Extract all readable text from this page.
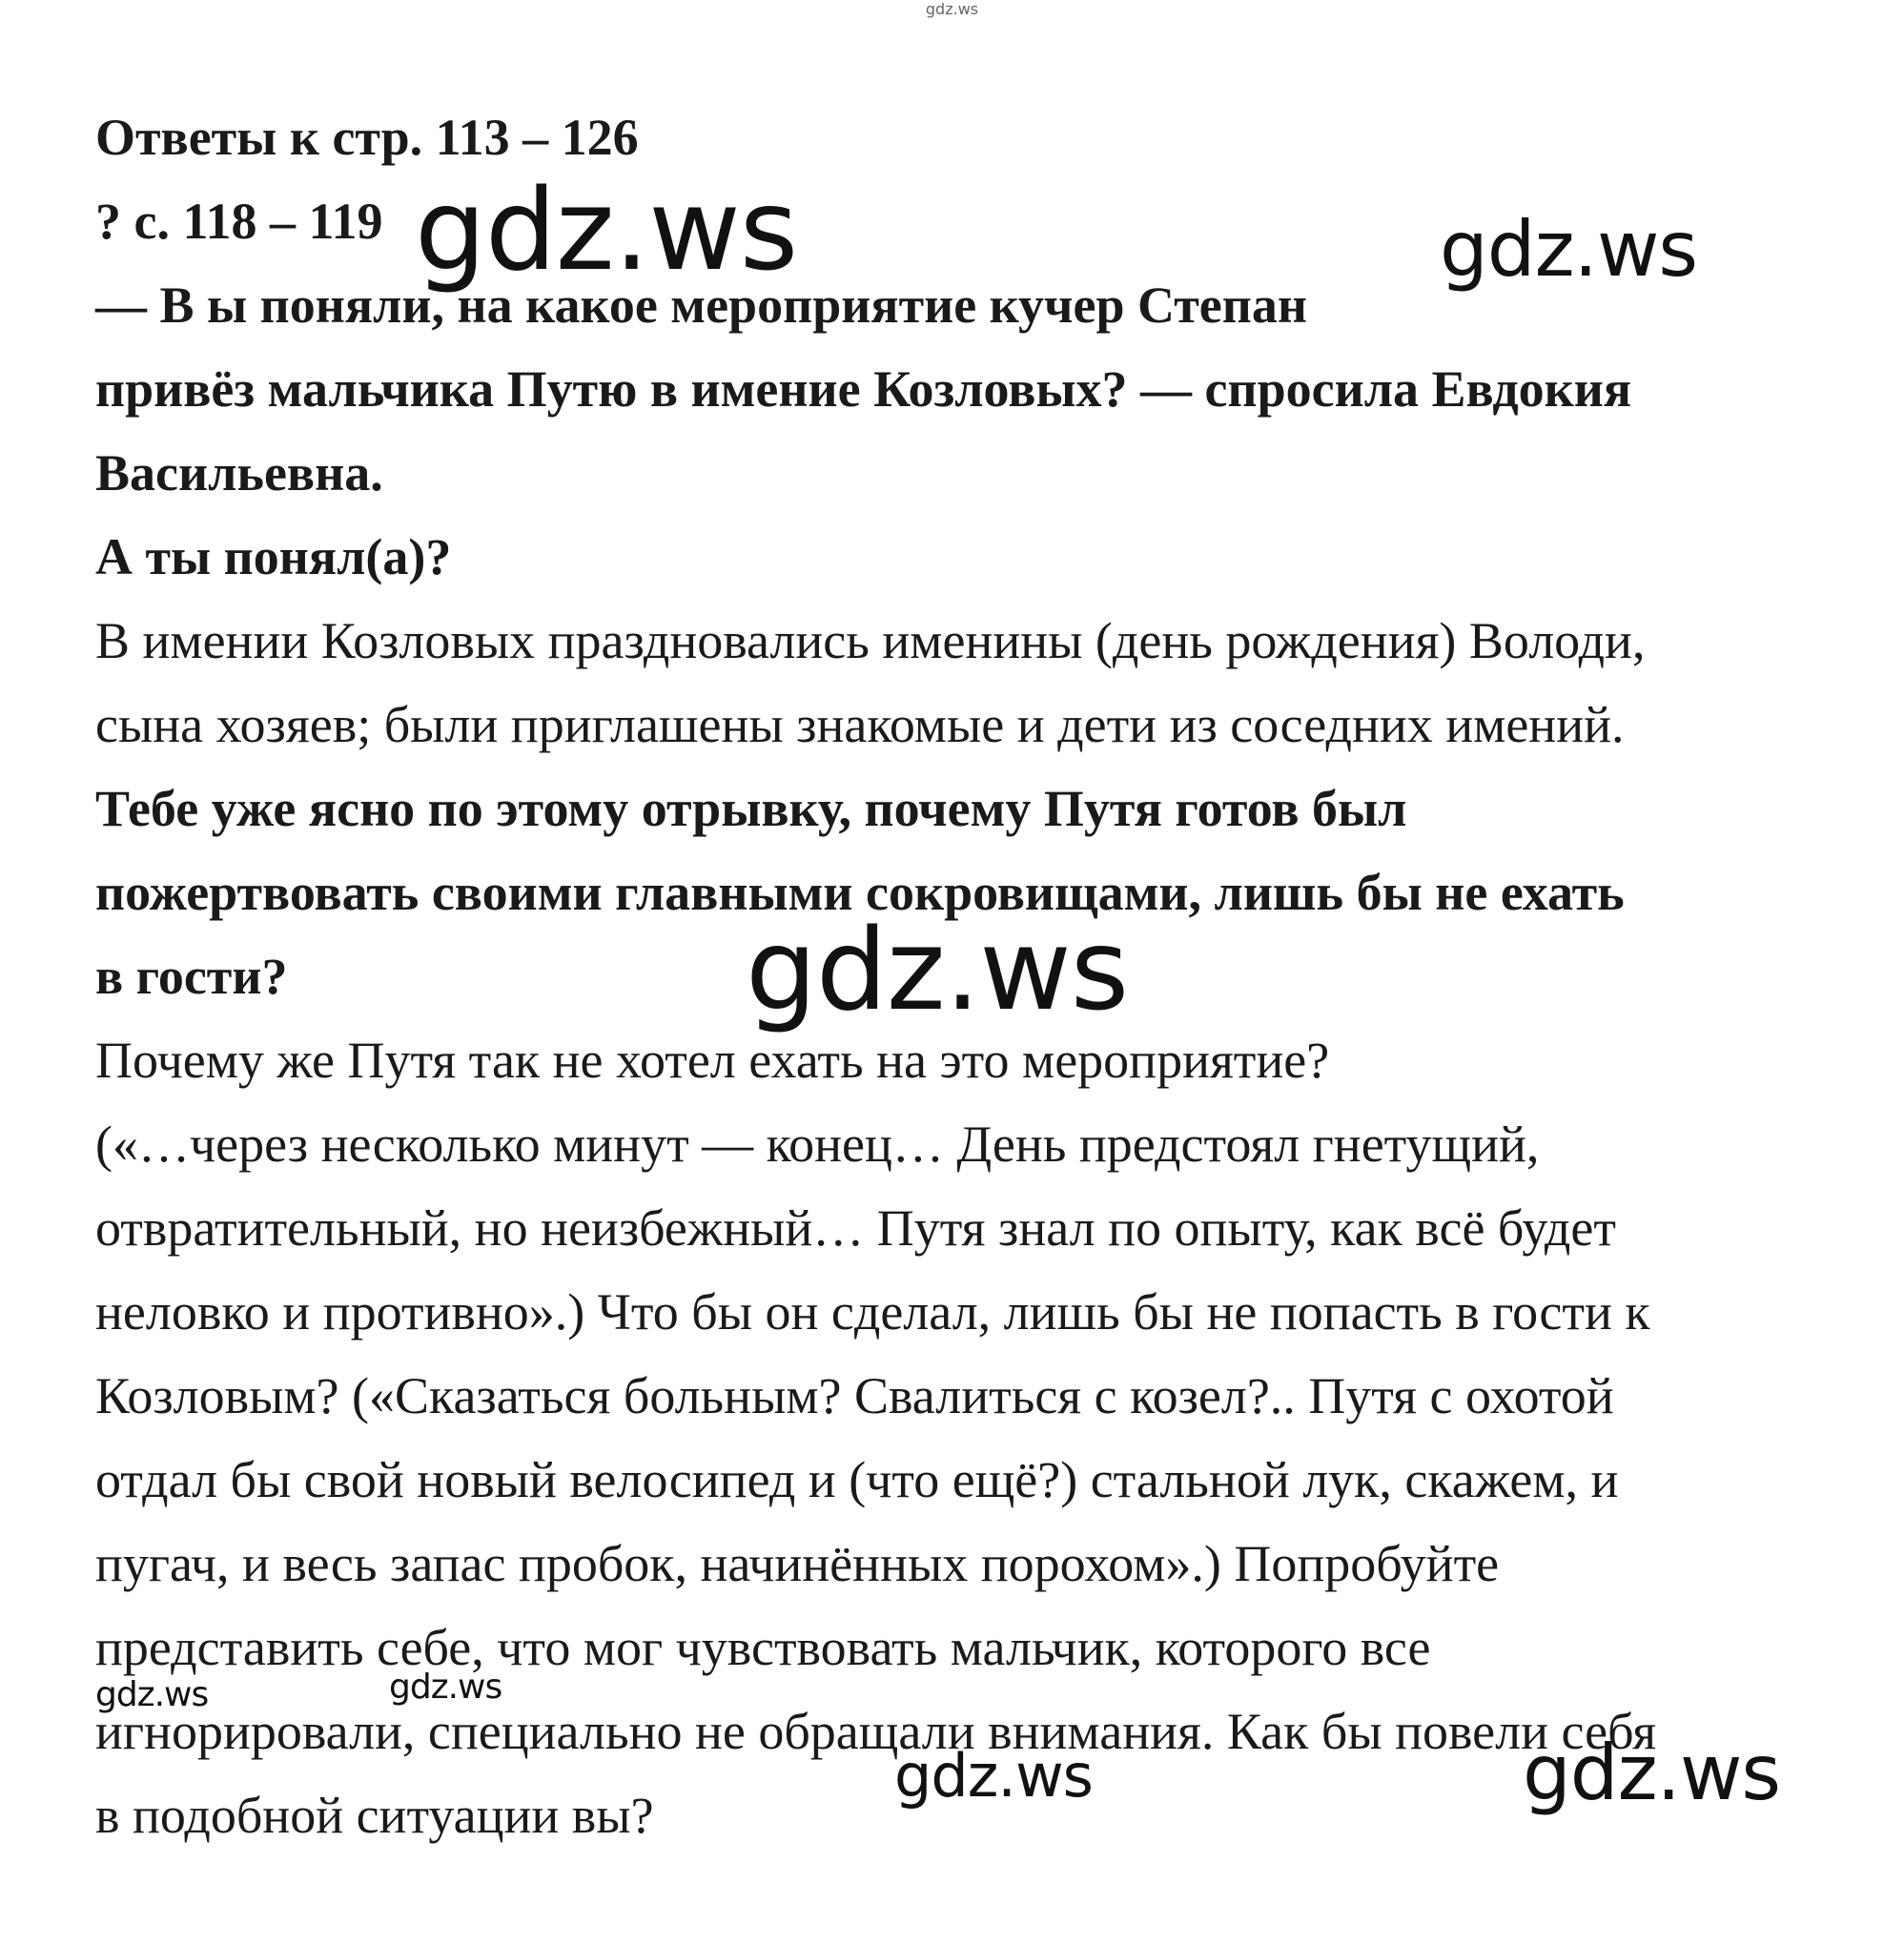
gdz.ws
Ответы к стр. 113 – 126
? с. 118 – 119
— В ы поняли, на какое мероприятие кучер Степан
привёз мальчика Путю в имение Козловых? — спросила Евдокия
Васильевна.
А ты понял(а)?
В имении Козловых праздновались именины (день рождения) Володи,
сына хозяев; были приглашены знакомые и дети из соседних имений.
Тебе уже ясно по этому отрывку, почему Путя готов был
пожертвовать своими главными сокровищами, лишь бы не ехать
в гости?
Почему же Путя так не хотел ехать на это мероприятие?
(«…через несколько минут — конец… День предстоял гнетущий,
отвратительный, но неизбежный… Путя знал по опыту, как всё будет
неловко и противно».) Что бы он сделал, лишь бы не попасть в гости к
Козловым? («Сказаться больным? Свалиться с козел?.. Путя с охотой
отдал бы свой новый велосипед и (что ещё?) стальной лук, скажем, и
пугач, и весь запас пробок, начинённых порохом».) Попробуйте
представить себе, что мог чувствовать мальчик, которого все
игнорировали, специально не обращали внимания. Как бы повели себя
в подобной ситуации вы?
gdz.ws	gdz.ws
gdz.ws
gdz.ws	gdz.ws
gdz.ws	gdz.ws
